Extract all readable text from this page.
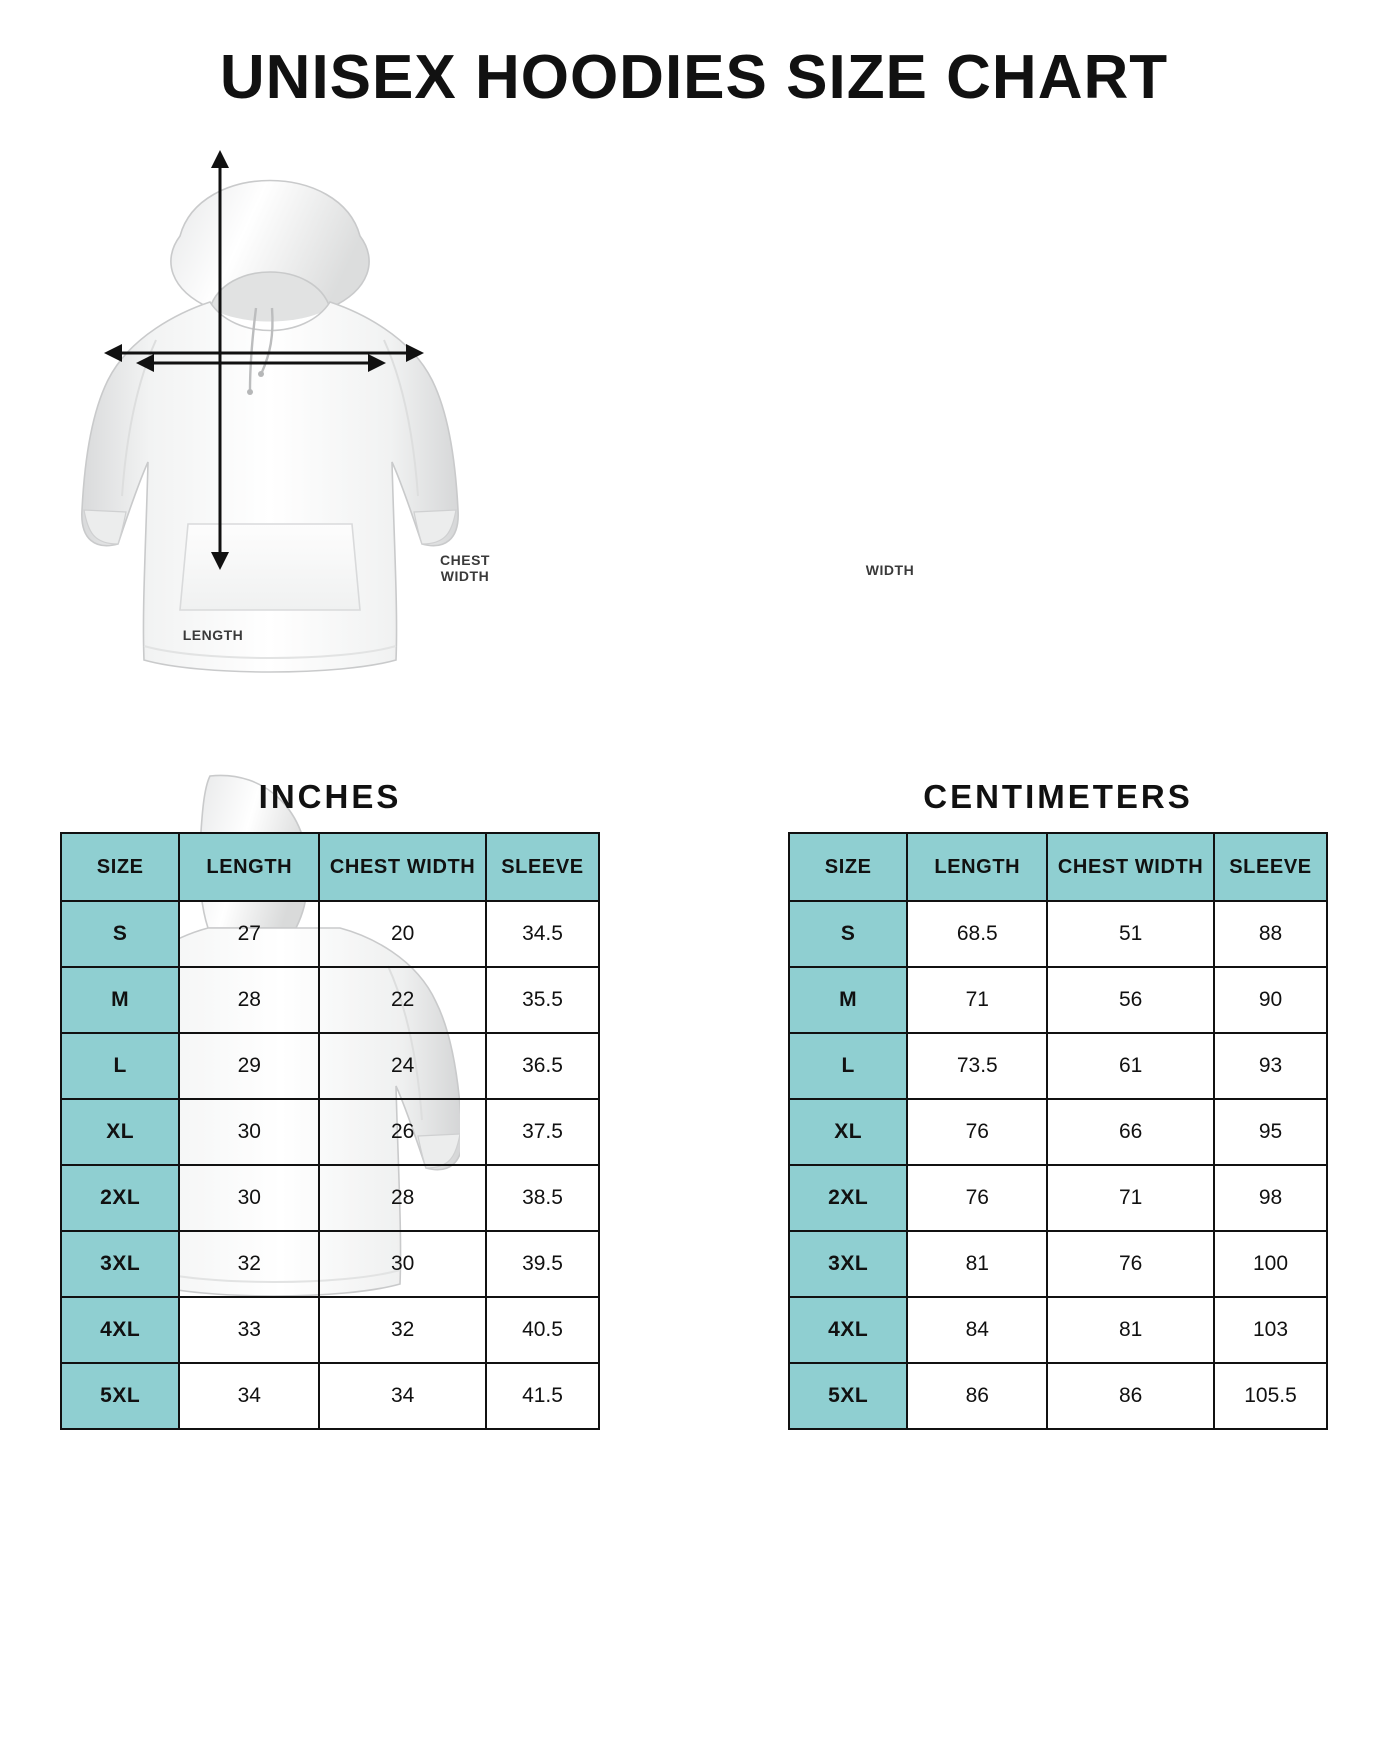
UNISEX HOODIES SIZE CHART
LENGTH
CHEST
WIDTH	WIDTH
INCHES
SIZE	LENGTH	CHEST WIDTH	SLEEVE
S	27	20	34.5
M	28	22	35.5
L	29	24	36.5
XL	30	26	37.5
2XL	30	28	38.5
3XL	32	30	39.5
4XL	33	32	40.5
5XL	34	34	41.5
CENTIMETERS
SIZE	LENGTH	CHEST WIDTH	SLEEVE
S	68.5	51	88
M	71	56	90
L	73.5	61	93
XL	76	66	95
2XL	76	71	98
3XL	81	76	100
4XL	84	81	103
5XL	86	86	105.5
